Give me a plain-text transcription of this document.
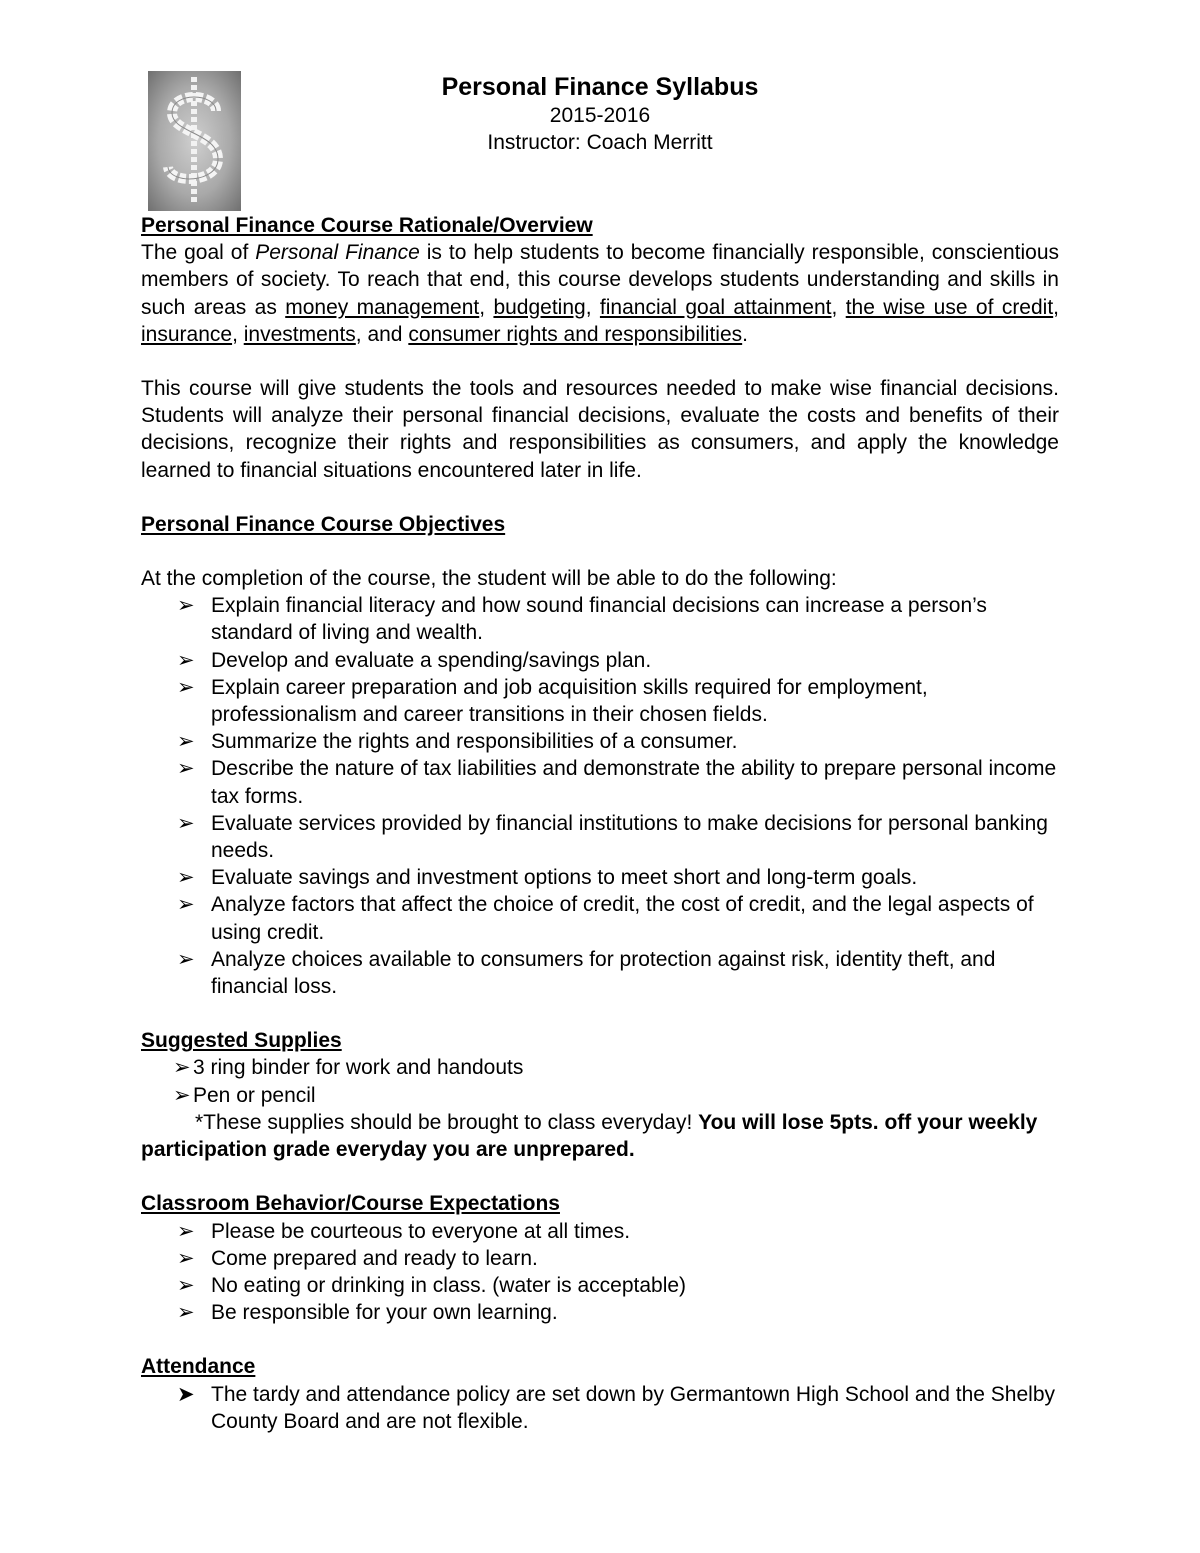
Personal Finance Syllabus
2015-2016
Instructor: Coach Merritt
Personal Finance Course Rationale/Overview
The goal of Personal Finance is to help students to become financially responsible, conscientious members of society. To reach that end, this course develops students understanding and skills in such areas as money management, budgeting, financial goal attainment, the wise use of credit, insurance, investments, and consumer rights and responsibilities.
This course will give students the tools and resources needed to make wise financial decisions. Students will analyze their personal financial decisions, evaluate the costs and benefits of their decisions, recognize their rights and responsibilities as consumers, and apply the knowledge learned to financial situations encountered later in life.
Personal Finance Course Objectives
At the completion of the course, the student will be able to do the following:
➢ Explain financial literacy and how sound financial decisions can increase a person’s standard of living and wealth.
➢ Develop and evaluate a spending/savings plan.
➢ Explain career preparation and job acquisition skills required for employment, professionalism and career transitions in their chosen fields.
➢ Summarize the rights and responsibilities of a consumer.
➢ Describe the nature of tax liabilities and demonstrate the ability to prepare personal income tax forms.
➢ Evaluate services provided by financial institutions to make decisions for personal banking needs.
➢ Evaluate savings and investment options to meet short and long-term goals.
➢ Analyze factors that affect the choice of credit, the cost of credit, and the legal aspects of using credit.
➢ Analyze choices available to consumers for protection against risk, identity theft, and financial loss.
Suggested Supplies
➢ 3 ring binder for work and handouts
➢ Pen or pencil
*These supplies should be brought to class everyday! You will lose 5pts. off your weekly participation grade everyday you are unprepared.
Classroom Behavior/Course Expectations
➢ Please be courteous to everyone at all times.
➢ Come prepared and ready to learn.
➢ No eating or drinking in class. (water is acceptable)
➢ Be responsible for your own learning.
Attendance
➤ The tardy and attendance policy are set down by Germantown High School and the Shelby County Board and are not flexible.
